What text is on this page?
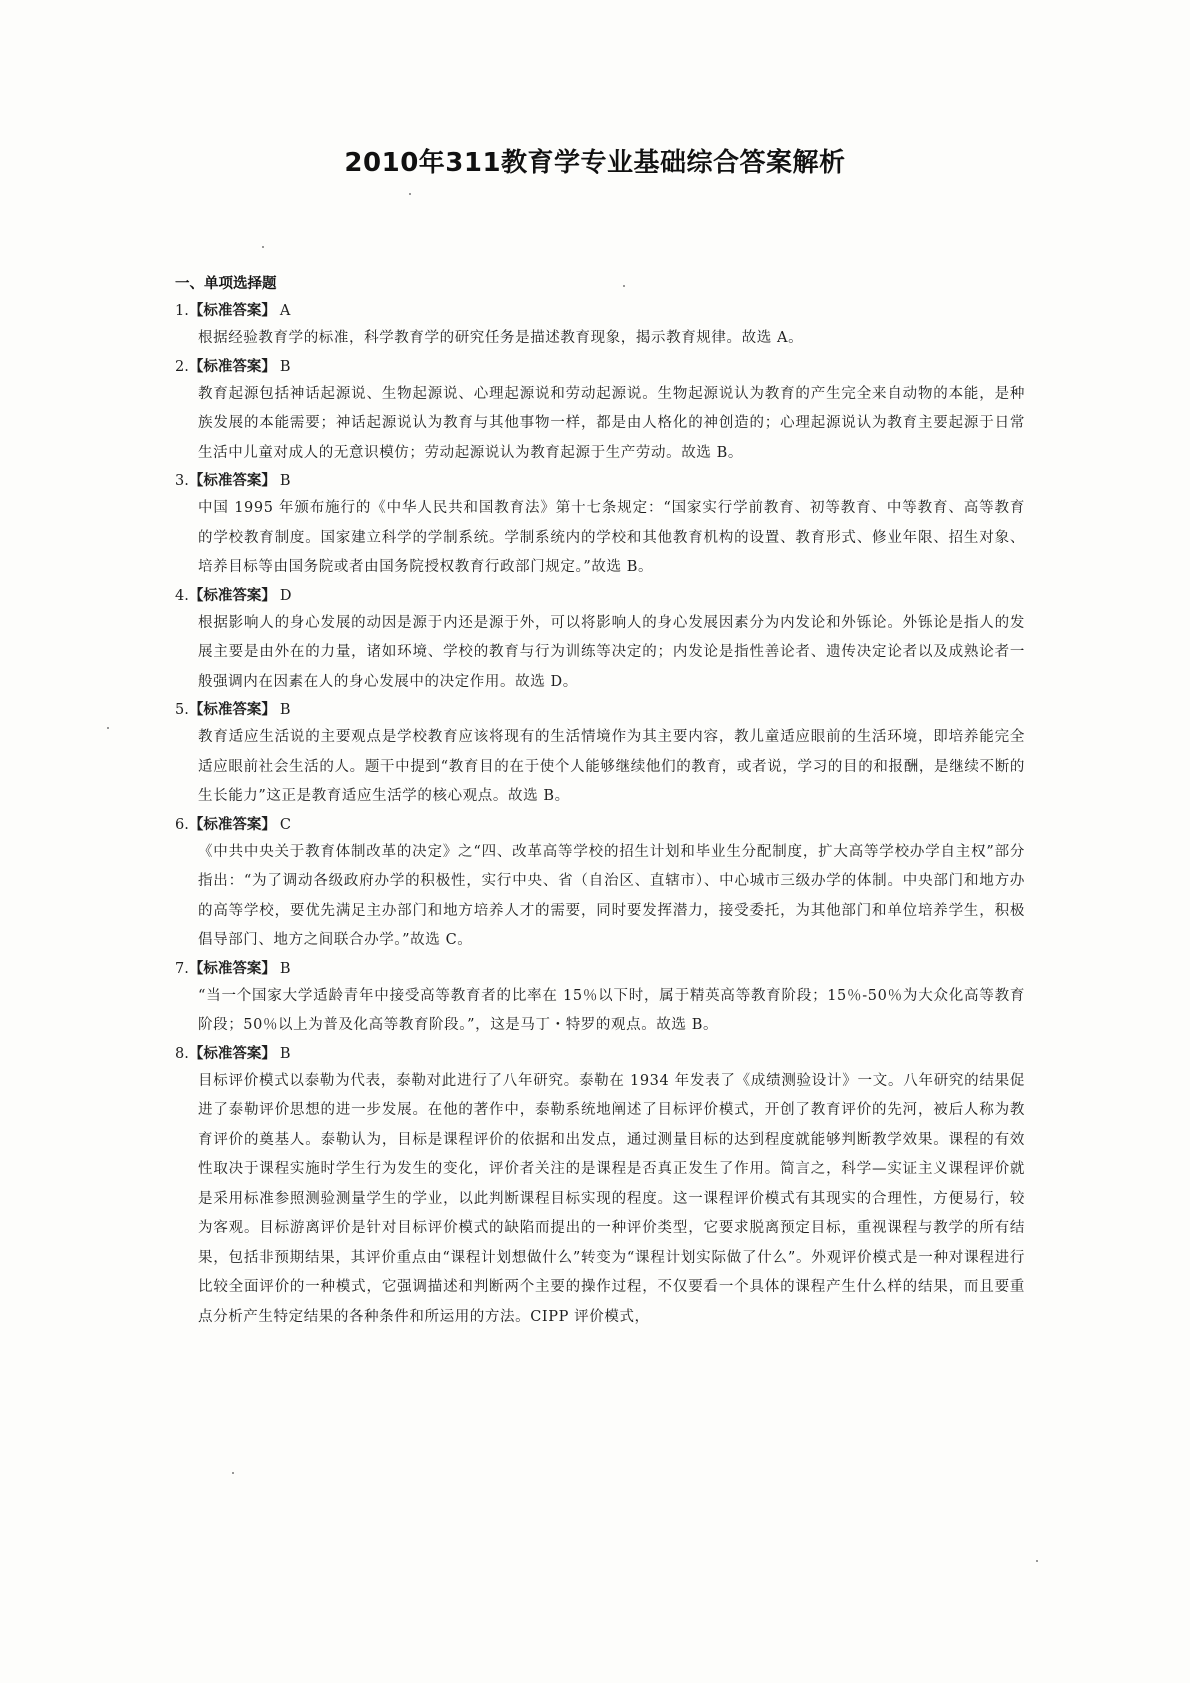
2010年311教育学专业基础综合答案解析
一、单项选择题
1.【标准答案】 A

根据经验教育学的标准，科学教育学的研究任务是描述教育现象，揭示教育规律。故选 A。

2.【标准答案】 B

教育起源包括神话起源说、生物起源说、心理起源说和劳动起源说。生物起源说认为教育的产生完全来自动物的本能，是种族发展的本能需要；神话起源说认为教育与其他事物一样，都是由人格化的神创造的；心理起源说认为教育主要起源于日常生活中儿童对成人的无意识模仿；劳动起源说认为教育起源于生产劳动。故选 B。

3.【标准答案】 B

中国 1995 年颁布施行的《中华人民共和国教育法》第十七条规定：“国家实行学前教育、初等教育、中等教育、高等教育的学校教育制度。国家建立科学的学制系统。学制系统内的学校和其他教育机构的设置、教育形式、修业年限、招生对象、培养目标等由国务院或者由国务院授权教育行政部门规定。”故选 B。

4.【标准答案】 D

根据影响人的身心发展的动因是源于内还是源于外，可以将影响人的身心发展因素分为内发论和外铄论。外铄论是指人的发展主要是由外在的力量，诸如环境、学校的教育与行为训练等决定的；内发论是指性善论者、遗传决定论者以及成熟论者一般强调内在因素在人的身心发展中的决定作用。故选 D。

5.【标准答案】 B

教育适应生活说的主要观点是学校教育应该将现有的生活情境作为其主要内容，教儿童适应眼前的生活环境，即培养能完全适应眼前社会生活的人。题干中提到“教育目的在于使个人能够继续他们的教育，或者说，学习的目的和报酬，是继续不断的生长能力”这正是教育适应生活学的核心观点。故选 B。

6.【标准答案】 C

《中共中央关于教育体制改革的决定》之“四、改革高等学校的招生计划和毕业生分配制度，扩大高等学校办学自主权”部分指出：“为了调动各级政府办学的积极性，实行中央、省（自治区、直辖市）、中心城市三级办学的体制。中央部门和地方办的高等学校，要优先满足主办部门和地方培养人才的需要，同时要发挥潜力，接受委托，为其他部门和单位培养学生，积极倡导部门、地方之间联合办学。”故选 C。

7.【标准答案】 B

“当一个国家大学适龄青年中接受高等教育者的比率在 15％以下时，属于精英高等教育阶段；15％-50％为大众化高等教育阶段；50％以上为普及化高等教育阶段。”，这是马丁・特罗的观点。故选 B。

8.【标准答案】 B

目标评价模式以泰勒为代表，泰勒对此进行了八年研究。泰勒在 1934 年发表了《成绩测验设计》一文。八年研究的结果促进了泰勒评价思想的进一步发展。在他的著作中，泰勒系统地阐述了目标评价模式，开创了教育评价的先河，被后人称为教育评价的奠基人。泰勒认为，目标是课程评价的依据和出发点，通过测量目标的达到程度就能够判断教学效果。课程的有效性取决于课程实施时学生行为发生的变化，评价者关注的是课程是否真正发生了作用。简言之，科学—实证主义课程评价就是采用标准参照测验测量学生的学业，以此判断课程目标实现的程度。这一课程评价模式有其现实的合理性，方便易行，较为客观。目标游离评价是针对目标评价模式的缺陷而提出的一种评价类型，它要求脱离预定目标，重视课程与教学的所有结果，包括非预期结果，其评价重点由“课程计划想做什么”转变为“课程计划实际做了什么”。外观评价模式是一种对课程进行比较全面评价的一种模式，它强调描述和判断两个主要的操作过程，不仅要看一个具体的课程产生什么样的结果，而且要重点分析产生特定结果的各种条件和所运用的方法。CIPP 评价模式，
